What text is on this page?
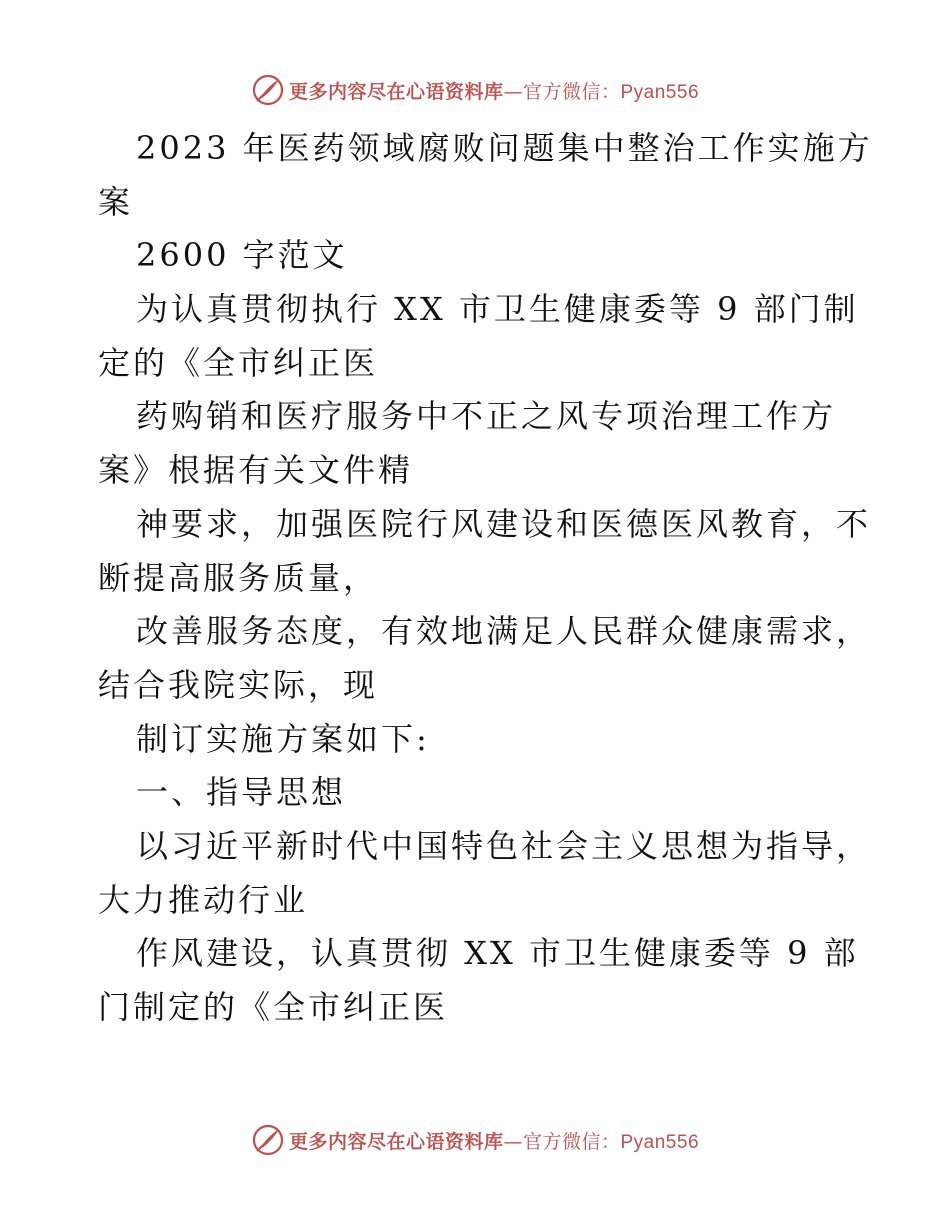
更多内容尽在心语资料库—官方微信：Pyan556
2023 年医药领域腐败问题集中整治工作实施方
案
2600 字范文
为认真贯彻执行 XX 市卫生健康委等 9 部门制
定的《全市纠正医
药购销和医疗服务中不正之风专项治理工作方
案》根据有关文件精
神要求，加强医院行风建设和医德医风教育，不
断提高服务质量，
改善服务态度，有效地满足人民群众健康需求，
结合我院实际，现
制订实施方案如下:
一、指导思想
以习近平新时代中国特色社会主义思想为指导，
大力推动行业
作风建设，认真贯彻 XX 市卫生健康委等 9 部
门制定的《全市纠正医
更多内容尽在心语资料库—官方微信：Pyan556
